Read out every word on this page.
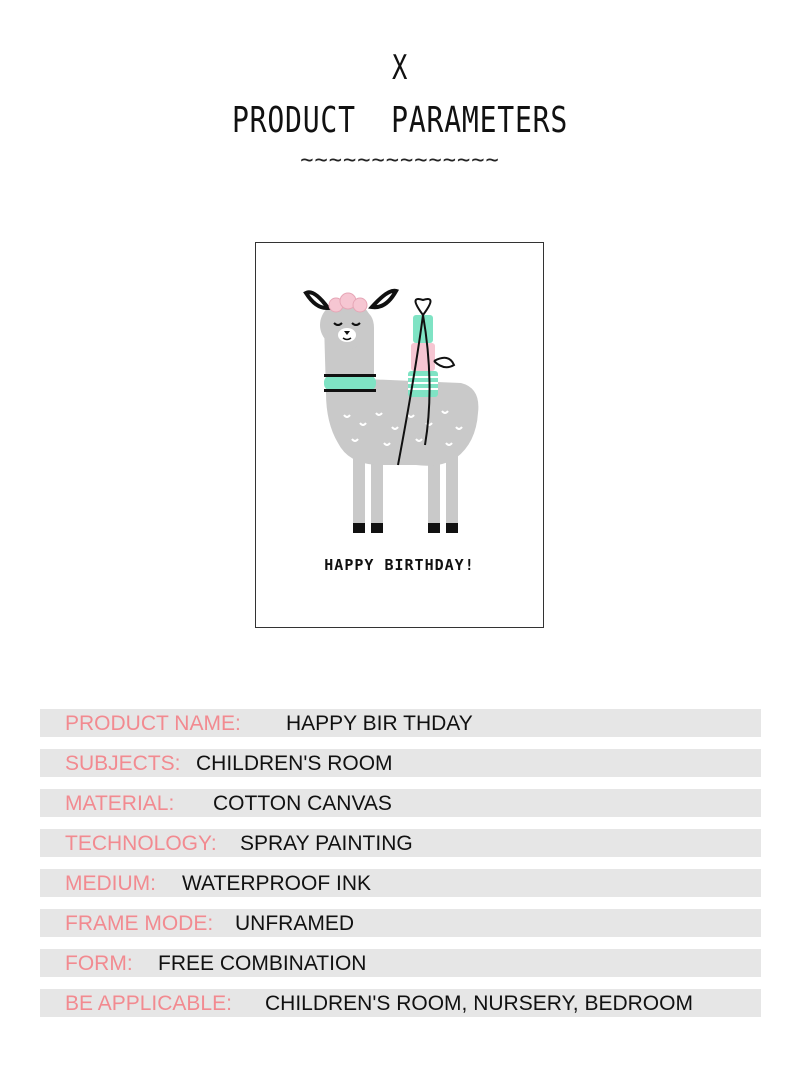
X
PRODUCT  PARAMETERS
~~~~~~~~~~~~~~
HAPPY BIRTHDAY!
PRODUCT NAME: HAPPY BIR THDAY
SUBJECTS: CHILDREN'S ROOM
MATERIAL: COTTON CANVAS
TECHNOLOGY: SPRAY PAINTING
MEDIUM: WATERPROOF INK
FRAME MODE: UNFRAMED
FORM: FREE COMBINATION
BE APPLICABLE: CHILDREN'S ROOM, NURSERY, BEDROOM
